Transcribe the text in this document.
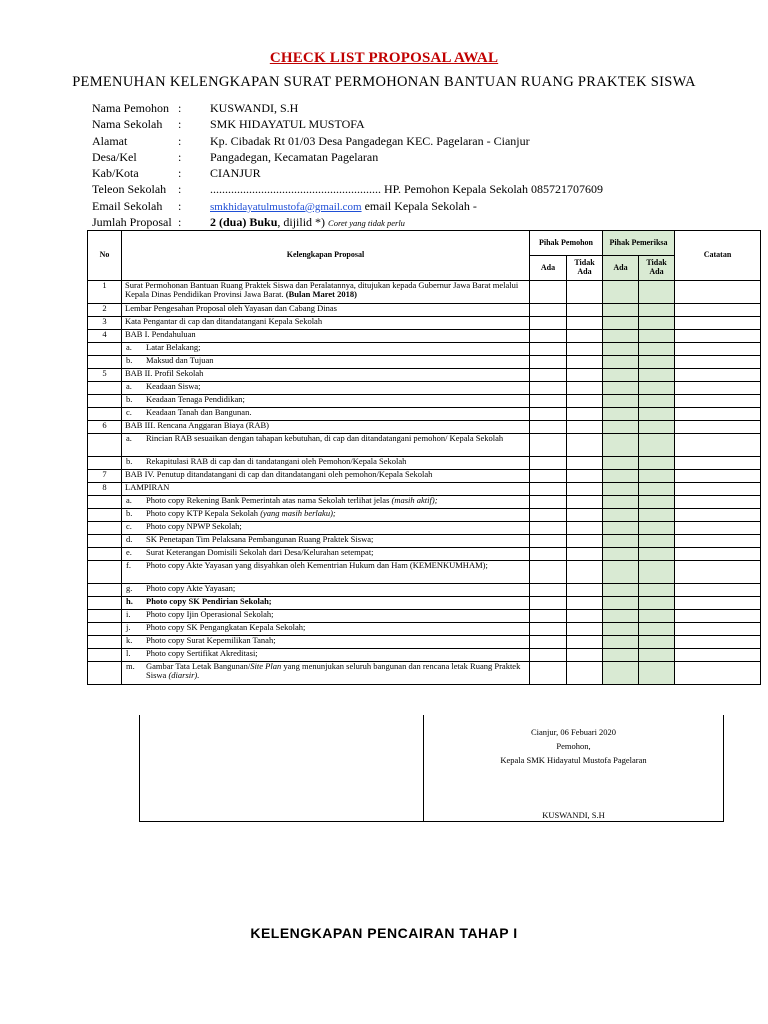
CHECK LIST PROPOSAL AWAL
PEMENUHAN KELENGKAPAN SURAT PERMOHONAN BANTUAN RUANG PRAKTEK SISWA
Nama Pemohon : KUSWANDI, S.H
Nama Sekolah : SMK HIDAYATUL MUSTOFA
Alamat	: Kp. Cibadak Rt 01/03 Desa Pangadegan KEC. Pagelaran - Cianjur
Desa/Kel	: Pangadegan, Kecamatan Pagelaran
Kab/Kota	: CIANJUR
Teleon Sekolah : ......................................................... HP. Pemohon Kepala Sekolah 085721707609
Email Sekolah :	smkhidayatulmustofa@gmail.com email Kepala Sekolah -
Jumlah Proposal : 2 (dua) Buku, dijilid *) Coret yang tidak perlu
No	Kelengkapan Proposal	Pihak Pemohon		Pihak Pemeriksa		Catatan
		Ada	Tidak Ada	Ada	Tidak Ada	
1	Surat Permohonan Bantuan Ruang Praktek Siswa dan Peralatannya, ditujukan kepada Gubernur Jawa Barat melalui Kepala Dinas Pendidikan Provinsi Jawa Barat. (Bulan Maret 2018)					
2	Lembar Pengesahan Proposal oleh Yayasan dan Cabang Dinas					
3	Kata Pengantar di cap dan ditandatangani Kepala Sekolah					
4	BAB I. Pendahuluan					

	a. Latar Belakang;					

	b. Maksud dan Tujuan					
5	BAB II. Profil Sekolah					

	a. Keadaan Siswa;					

	b. Keadaan Tenaga Pendidikan;					

	c. Keadaan Tanah dan Bangunan.					
6	BAB III. Rencana Anggaran Biaya (RAB)					

	a. Rincian RAB sesuaikan dengan tahapan kebutuhan, di cap dan ditandatangani pemohon/ Kepala Sekolah					

	b. Rekapitulasi RAB di cap dan di tandatangani oleh Pemohon/Kepala Sekolah					
7	BAB IV. Penutup ditandatangani di cap dan ditandatangani oleh pemohon/Kepala Sekolah					
8	LAMPIRAN					

	a. Photo copy Rekening Bank Pemerintah atas nama Sekolah terlihat jelas (masih aktif);					

	b. Photo copy KTP Kepala Sekolah (yang masih berlaku);					

	c. Photo copy NPWP Sekolah;					

	d. SK Penetapan Tim Pelaksana Pembangunan Ruang Praktek Siswa;					

	e. Surat Keterangan Domisili Sekolah dari Desa/Kelurahan setempat;					

	f. Photo copy Akte Yayasan yang disyahkan oleh Kementrian Hukum dan Ham (KEMENKUMHAM);					

	g. Photo copy Akte Yayasan;					

	h. Photo copy SK Pendirian Sekolah;					

	i. Photo copy Ijin Operasional Sekolah;					

	j. Photo copy SK Pengangkatan Kepala Sekolah;					

	k. Photo copy Surat Kepemilikan Tanah;					

	l. Photo copy Sertifikat Akreditasi;					

	m. Gambar Tata Letak Bangunan/Site Plan yang menunjukan seluruh bangunan dan rencana letak Ruang Praktek Siswa (diarsir).					
Cianjur, 06 Febuari 2020
Pemohon,
Kepala SMK Hidayatul Mustofa Pagelaran
KUSWANDI, S.H
KELENGKAPAN PENCAIRAN TAHAP I
